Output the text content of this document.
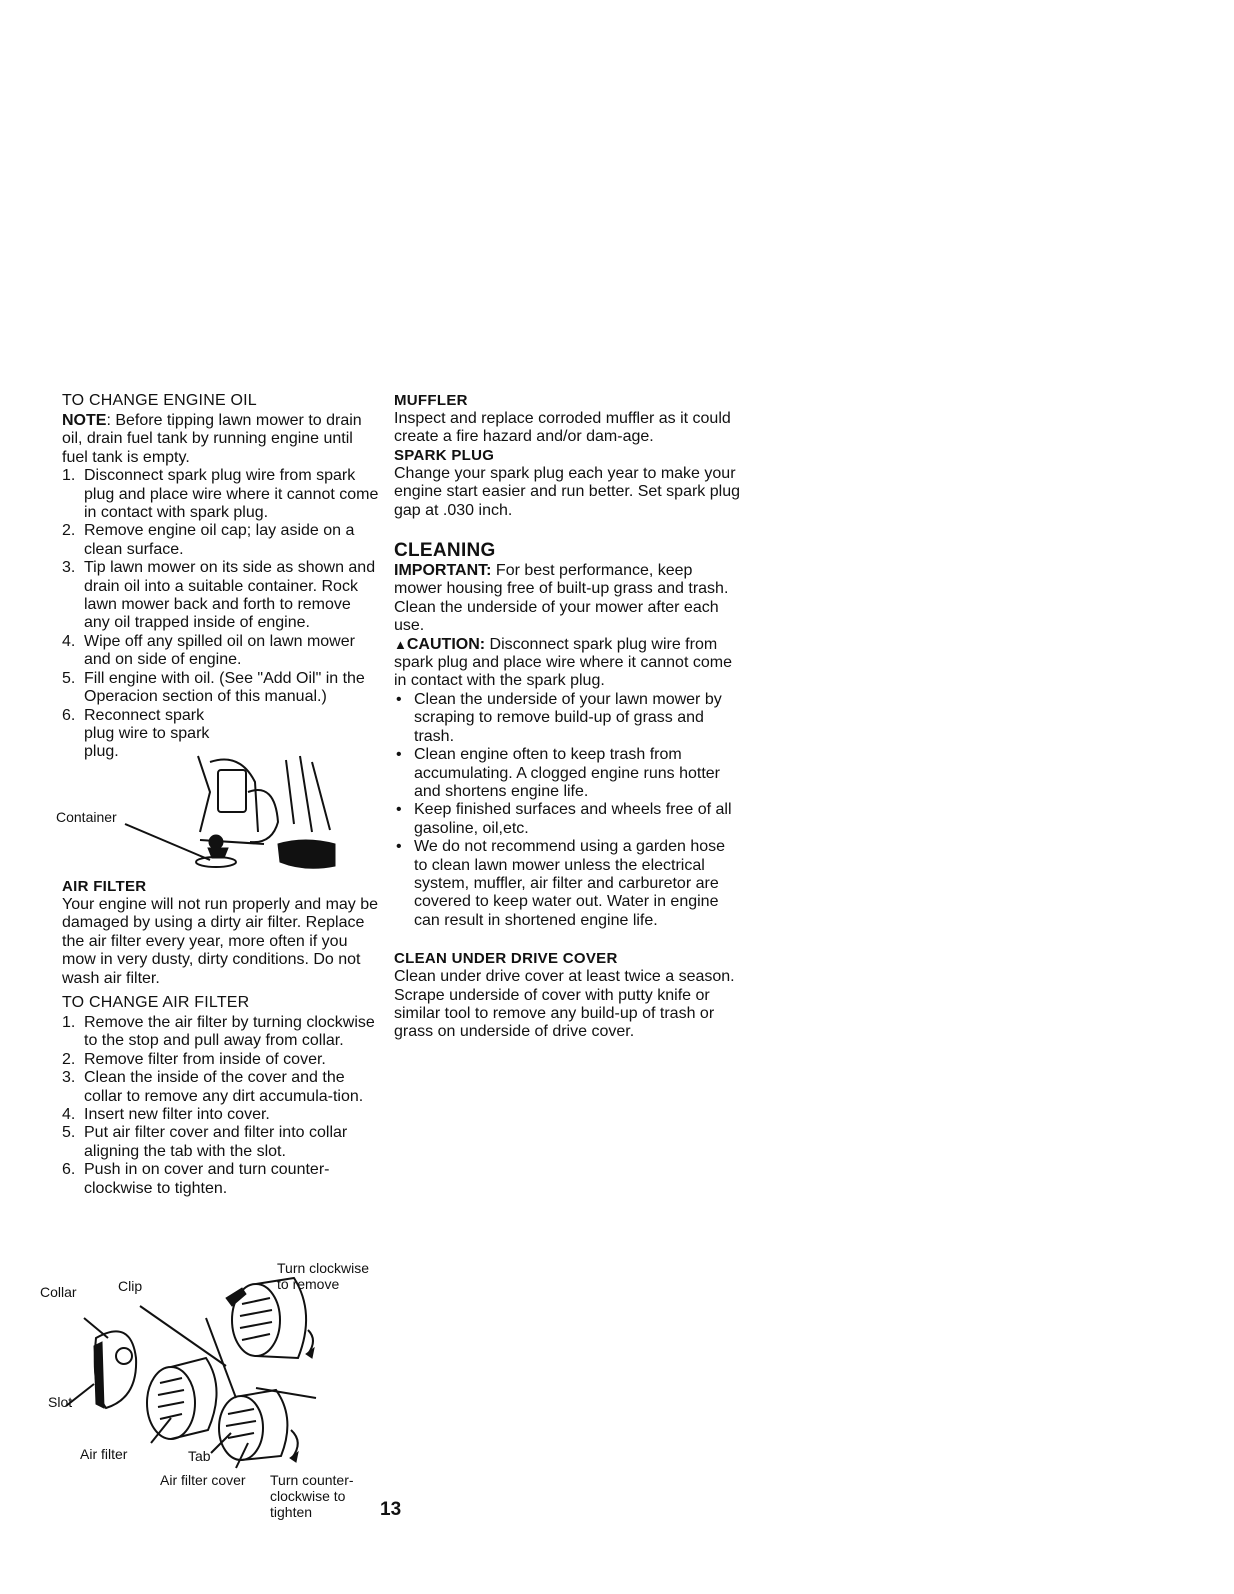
TO CHANGE ENGINE OIL

NOTE: Before tipping lawn mower to drain oil, drain fuel tank by running engine until fuel tank is empty.

1. Disconnect spark plug wire from spark plug and place wire where it cannot come in contact with spark plug.
2. Remove engine oil cap; lay aside on a clean surface.
3. Tip lawn mower on its side as shown and drain oil into a suitable container. Rock lawn mower back and forth to remove any oil trapped inside of engine.
4. Wipe off any spilled oil on lawn mower and on side of engine.
5. Fill engine with oil. (See "Add Oil" in the Operacion section of this manual.)
6. Reconnect spark plug wire to spark plug.
Container
AIR FILTER

Your engine will not run properly and may be damaged by using a dirty air filter. Replace the air filter every year, more often if you mow in very dusty, dirty conditions. Do not wash air filter.

TO CHANGE AIR FILTER
1. Remove the air filter by turning clockwise to the stop and pull away from collar.
2. Remove filter from inside of cover.
3. Clean the inside of the cover and the collar to remove any dirt accumula-tion.
4. Insert new filter into cover.
5. Put air filter cover and filter into collar aligning the tab with the slot.
6. Push in on cover and turn counter-clockwise to tighten.
Collar	Clip
Turn clockwise to remove
Slot
Air filter	Tab
Air filter cover Turn counter-clockwise to tighten	13
MUFFLER

Inspect and replace corroded muffler as it could create a fire hazard and/or dam-age.

SPARK PLUG

Change your spark plug each year to make your engine start easier and run better. Set spark plug gap at .030 inch.

CLEANING

IMPORTANT: For best performance, keep mower housing free of built-up grass and trash. Clean the underside of your mower after each use.

▲CAUTION: Disconnect spark plug wire from spark plug and place wire where it cannot come in contact with the spark plug.

• Clean the underside of your lawn mower by scraping to remove build-up of grass and trash.
• Clean engine often to keep trash from accumulating. A clogged engine runs hotter and shortens engine life.
• Keep finished surfaces and wheels free of all gasoline, oil,etc.
• We do not recommend using a garden hose to clean lawn mower unless the electrical system, muffler, air filter and carburetor are covered to keep water out. Water in engine can result in shortened engine life.
CLEAN UNDER DRIVE COVER

Clean under drive cover at least twice a season. Scrape underside of cover with putty knife or similar tool to remove any build-up of trash or grass on underside of drive cover.
